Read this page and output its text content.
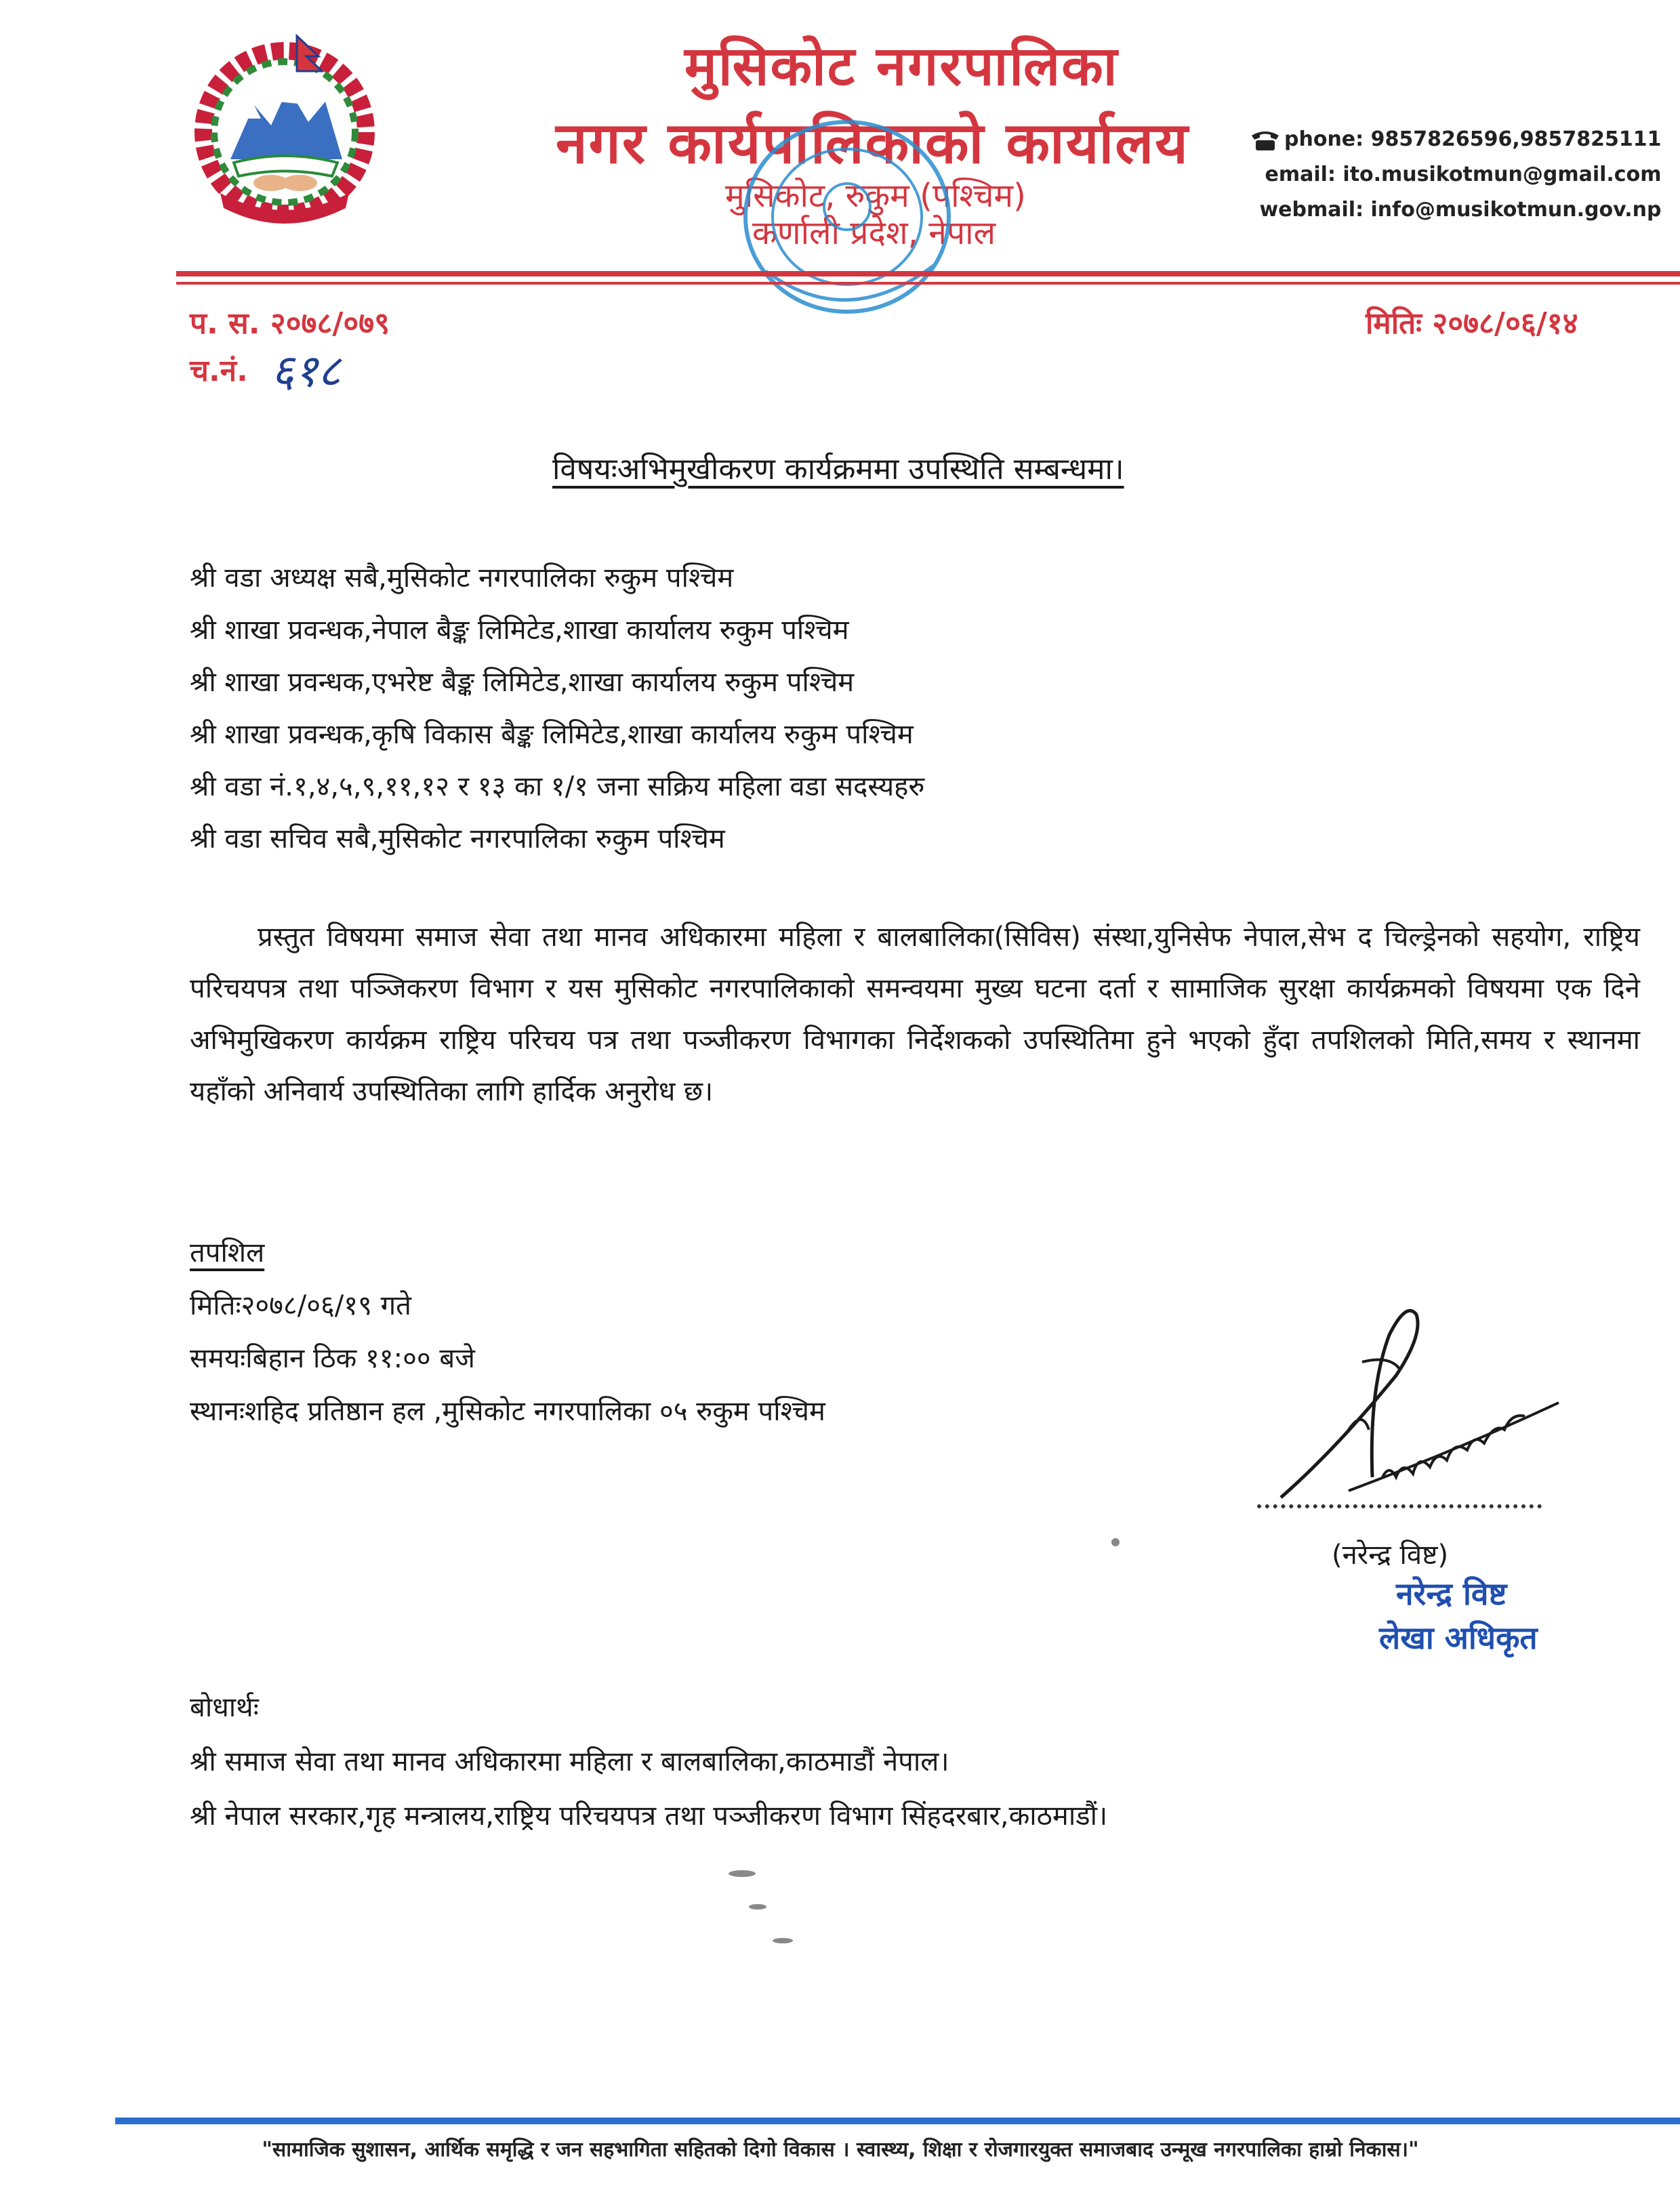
मुसिकोट नगरपालिका
नगर कार्यपालिकाको कार्यालय
मुसिकोट, रुकुम (पश्चिम)
कर्णाली प्रदेश, नेपाल
phone: 9857826596,9857825111
email: ito.musikotmun@gmail.com
webmail: info@musikotmun.gov.np
प. स. २०७८/०७९
च.नं. ६१८
मितिः २०७८/०६/१४
विषयःअभिमुखीकरण कार्यक्रममा उपस्थिति सम्बन्धमा।
श्री वडा अध्यक्ष सबै,मुसिकोट नगरपालिका रुकुम पश्चिम
श्री शाखा प्रवन्धक,नेपाल बैङ्क लिमिटेड,शाखा कार्यालय रुकुम पश्चिम
श्री शाखा प्रवन्धक,एभरेष्ट बैङ्क लिमिटेड,शाखा कार्यालय रुकुम पश्चिम
श्री शाखा प्रवन्धक,कृषि विकास बैङ्क लिमिटेड,शाखा कार्यालय रुकुम पश्चिम
श्री वडा नं.१,४,५,९,११,१२ र १३ का १/१ जना सक्रिय महिला वडा सदस्यहरु
श्री वडा सचिव सबै,मुसिकोट नगरपालिका रुकुम पश्चिम
प्रस्तुत विषयमा समाज सेवा तथा मानव अधिकारमा महिला र बालबालिका(सिविस) संस्था,युनिसेफ नेपाल,सेभ द चिल्ड्रेनको सहयोग, राष्ट्रिय परिचयपत्र तथा पञ्जिकरण विभाग र यस मुसिकोट नगरपालिकाको समन्वयमा मुख्य घटना दर्ता र सामाजिक सुरक्षा कार्यक्रमको विषयमा एक दिने अभिमुखिकरण कार्यक्रम राष्ट्रिय परिचय पत्र तथा पञ्जीकरण विभागका निर्देशकको उपस्थितिमा हुने भएको हुँदा तपशिलको मिति,समय र स्थानमा यहाँको अनिवार्य उपस्थितिका लागि हार्दिक अनुरोध छ।
तपशिल
मितिः२०७८/०६/१९ गते
समयःबिहान ठिक ११:०० बजे
स्थानःशहिद प्रतिष्ठान हल ,मुसिकोट नगरपालिका ०५ रुकुम पश्चिम
(नरेन्द्र विष्ट)
नरेन्द्र विष्ट
लेखा अधिकृत
बोधार्थः
श्री समाज सेवा तथा मानव अधिकारमा महिला र बालबालिका,काठमाडौं नेपाल।
श्री नेपाल सरकार,गृह मन्त्रालय,राष्ट्रिय परिचयपत्र तथा पञ्जीकरण विभाग सिंहदरबार,काठमाडौं।
"सामाजिक सुशासन, आर्थिक समृद्धि र जन सहभागिता सहितको दिगो विकास । स्वास्थ्य, शिक्षा र रोजगारयुक्त समाजबाद उन्मूख नगरपालिका हाम्रो निकास।"
